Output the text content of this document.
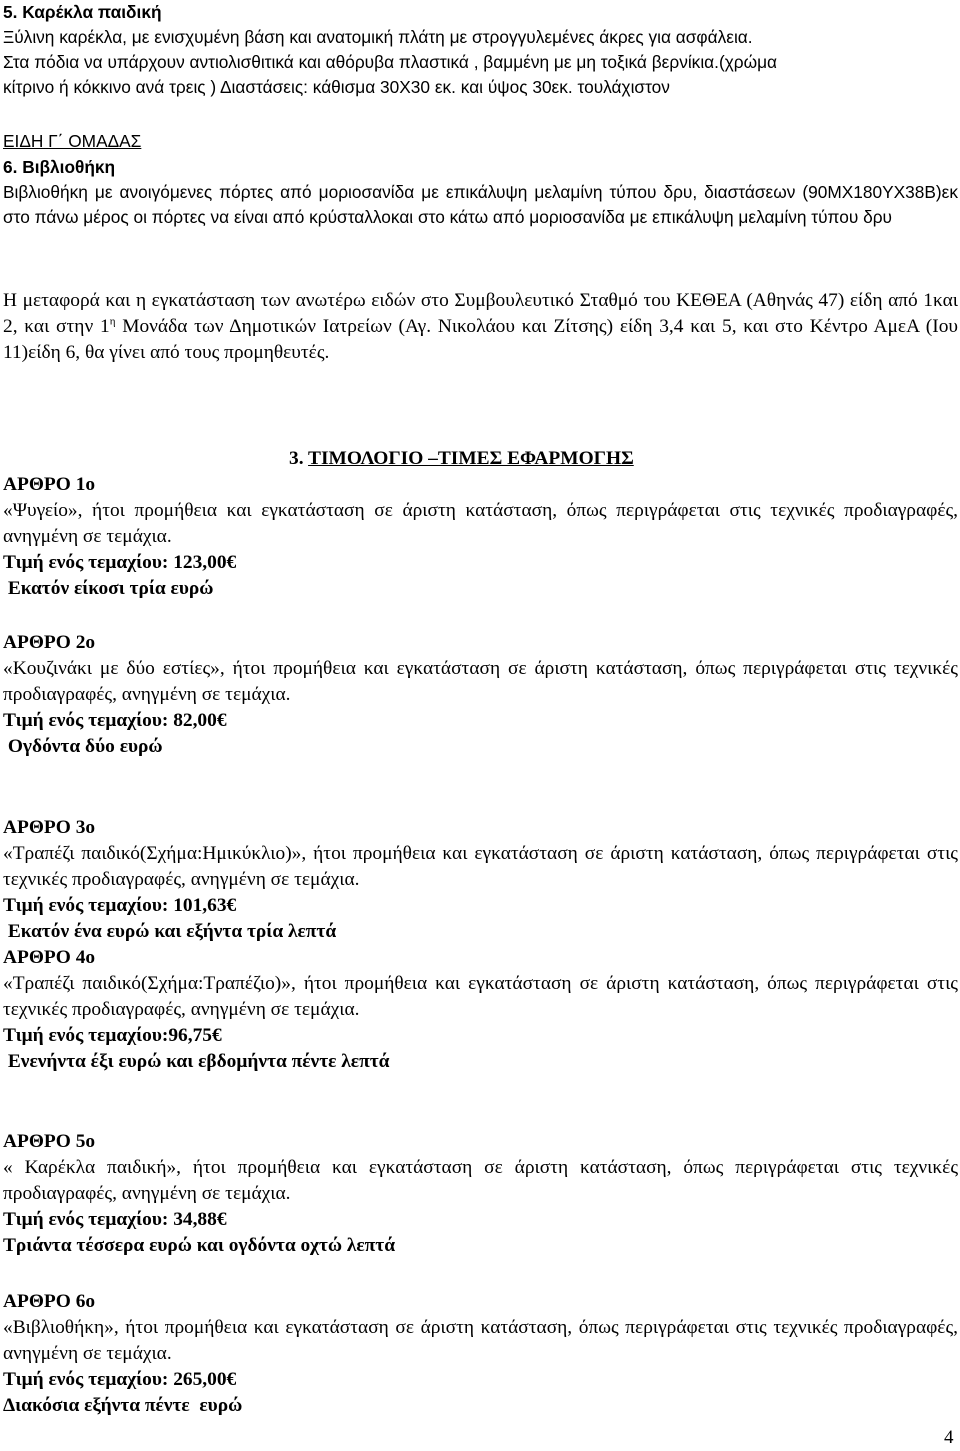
5. Καρέκλα παιδική
Ξύλινη καρέκλα, με ενισχυμένη βάση και ανατομική πλάτη με στρογγυλεμένες άκρες για ασφάλεια.
Στα πόδια να υπάρχουν αντιολισθιτικά και αθόρυβα πλαστικά , βαμμένη με μη τοξικά βερνίκια.(χρώμα
κίτρινο ή κόκκινο ανά τρεις ) Διαστάσεις: κάθισμα 30Χ30 εκ. και ύψος 30εκ. τουλάχιστον
ΕΙΔΗ Γ΄ ΟΜΑΔΑΣ
6. Βιβλιοθήκη
Βιβλιοθήκη με ανοιγόμενες πόρτες από μοριοσανίδα με επικάλυψη μελαμίνη τύπου δρυ, διαστάσεων (90ΜΧ180ΥΧ38Β)εκ στο πάνω μέρος οι πόρτες να είναι από κρύσταλλοκαι στο κάτω από μοριοσανίδα με επικάλυψη μελαμίνη τύπου δρυ
Η μεταφορά και η εγκατάσταση των ανωτέρω ειδών στο Συμβουλευτικό Σταθμό του ΚΕΘΕΑ (Αθηνάς 47) είδη από 1και 2, και στην $1^\eta$ Μονάδα των Δημοτικών Ιατρείων (Αγ. Νικολάου και Ζίτσης) είδη 3,4 και 5, και στο Κέντρο ΑμεΑ (Ιου 11)είδη 6, θα γίνει από τους προμηθευτές.
3. ΤΙΜΟΛΟΓΙΟ –ΤΙΜΕΣ ΕΦΑΡΜΟΓΗΣ
ΑΡΘΡΟ 1ο
«Ψυγείο», ήτοι προμήθεια και εγκατάσταση σε άριστη κατάσταση, όπως περιγράφεται στις τεχνικές προδιαγραφές, ανηγμένη σε τεμάχια.
Τιμή ενός τεμαχίου: 123,00€
Εκατόν είκοσι τρία ευρώ
ΑΡΘΡΟ 2ο
«Κουζινάκι με δύο εστίες», ήτοι προμήθεια και εγκατάσταση σε άριστη κατάσταση, όπως περιγράφεται στις τεχνικές προδιαγραφές, ανηγμένη σε τεμάχια.
Τιμή ενός τεμαχίου: 82,00€
Ογδόντα δύο ευρώ
ΑΡΘΡΟ 3ο
«Τραπέζι παιδικό(Σχήμα:Ημικύκλιο)», ήτοι προμήθεια και εγκατάσταση σε άριστη κατάσταση, όπως περιγράφεται στις τεχνικές προδιαγραφές, ανηγμένη σε τεμάχια.
Τιμή ενός τεμαχίου: 101,63€
Εκατόν ένα ευρώ και εξήντα τρία λεπτά
ΑΡΘΡΟ 4ο
«Τραπέζι παιδικό(Σχήμα:Τραπέζιο)», ήτοι προμήθεια και εγκατάσταση σε άριστη κατάσταση, όπως περιγράφεται στις τεχνικές προδιαγραφές, ανηγμένη σε τεμάχια.
Τιμή ενός τεμαχίου:96,75€
Ενενήντα έξι ευρώ και εβδομήντα πέντε λεπτά
ΑΡΘΡΟ 5ο
« Καρέκλα παιδική», ήτοι προμήθεια και εγκατάσταση σε άριστη κατάσταση, όπως περιγράφεται στις τεχνικές προδιαγραφές, ανηγμένη σε τεμάχια.
Τιμή ενός τεμαχίου: 34,88€
Τριάντα τέσσερα ευρώ και ογδόντα οχτώ λεπτά
ΑΡΘΡΟ 6ο
«Βιβλιοθήκη», ήτοι προμήθεια και εγκατάσταση σε άριστη κατάσταση, όπως περιγράφεται στις τεχνικές προδιαγραφές, ανηγμένη σε τεμάχια.
Τιμή ενός τεμαχίου: 265,00€
Διακόσια εξήντα πέντε  ευρώ
4
